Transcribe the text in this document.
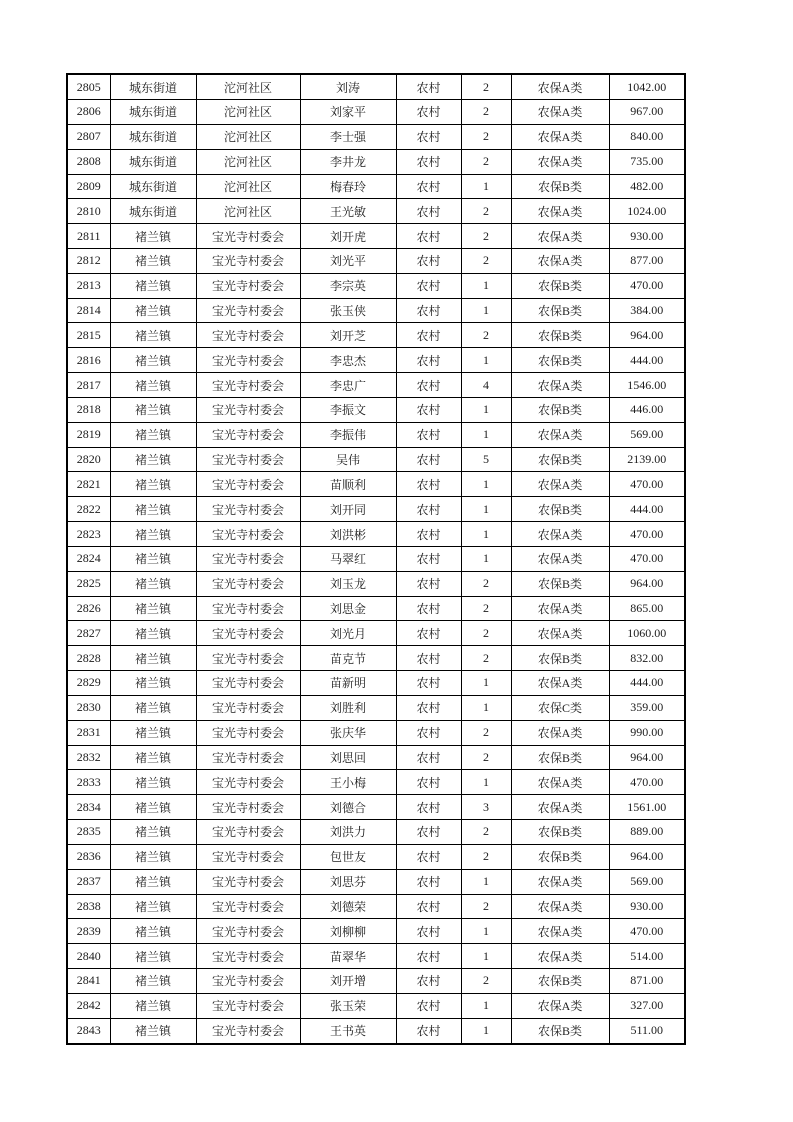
2805	城东街道	沱河社区	刘涛	农村	2	农保A类	1042.00
2806	城东街道	沱河社区	刘家平	农村	2	农保A类	967.00
2807	城东街道	沱河社区	李士强	农村	2	农保A类	840.00
2808	城东街道	沱河社区	李井龙	农村	2	农保A类	735.00
2809	城东街道	沱河社区	梅春玲	农村	1	农保B类	482.00
2810	城东街道	沱河社区	王光敏	农村	2	农保A类	1024.00
2811	褚兰镇	宝光寺村委会	刘开虎	农村	2	农保A类	930.00
2812	褚兰镇	宝光寺村委会	刘光平	农村	2	农保A类	877.00
2813	褚兰镇	宝光寺村委会	李宗英	农村	1	农保B类	470.00
2814	褚兰镇	宝光寺村委会	张玉侠	农村	1	农保B类	384.00
2815	褚兰镇	宝光寺村委会	刘开芝	农村	2	农保B类	964.00
2816	褚兰镇	宝光寺村委会	李忠杰	农村	1	农保B类	444.00
2817	褚兰镇	宝光寺村委会	李忠广	农村	4	农保A类	1546.00
2818	褚兰镇	宝光寺村委会	李振文	农村	1	农保B类	446.00
2819	褚兰镇	宝光寺村委会	李振伟	农村	1	农保A类	569.00
2820	褚兰镇	宝光寺村委会	吴伟	农村	5	农保B类	2139.00
2821	褚兰镇	宝光寺村委会	苗顺利	农村	1	农保A类	470.00
2822	褚兰镇	宝光寺村委会	刘开同	农村	1	农保B类	444.00
2823	褚兰镇	宝光寺村委会	刘洪彬	农村	1	农保A类	470.00
2824	褚兰镇	宝光寺村委会	马翠红	农村	1	农保A类	470.00
2825	褚兰镇	宝光寺村委会	刘玉龙	农村	2	农保B类	964.00
2826	褚兰镇	宝光寺村委会	刘思金	农村	2	农保A类	865.00
2827	褚兰镇	宝光寺村委会	刘光月	农村	2	农保A类	1060.00
2828	褚兰镇	宝光寺村委会	苗克节	农村	2	农保B类	832.00
2829	褚兰镇	宝光寺村委会	苗新明	农村	1	农保A类	444.00
2830	褚兰镇	宝光寺村委会	刘胜利	农村	1	农保C类	359.00
2831	褚兰镇	宝光寺村委会	张庆华	农村	2	农保A类	990.00
2832	褚兰镇	宝光寺村委会	刘思回	农村	2	农保B类	964.00
2833	褚兰镇	宝光寺村委会	王小梅	农村	1	农保A类	470.00
2834	褚兰镇	宝光寺村委会	刘德合	农村	3	农保A类	1561.00
2835	褚兰镇	宝光寺村委会	刘洪力	农村	2	农保B类	889.00
2836	褚兰镇	宝光寺村委会	包世友	农村	2	农保B类	964.00
2837	褚兰镇	宝光寺村委会	刘思芬	农村	1	农保A类	569.00
2838	褚兰镇	宝光寺村委会	刘德荣	农村	2	农保A类	930.00
2839	褚兰镇	宝光寺村委会	刘柳柳	农村	1	农保A类	470.00
2840	褚兰镇	宝光寺村委会	苗翠华	农村	1	农保A类	514.00
2841	褚兰镇	宝光寺村委会	刘开增	农村	2	农保B类	871.00
2842	褚兰镇	宝光寺村委会	张玉荣	农村	1	农保A类	327.00
2843	褚兰镇	宝光寺村委会	王书英	农村	1	农保B类	511.00
